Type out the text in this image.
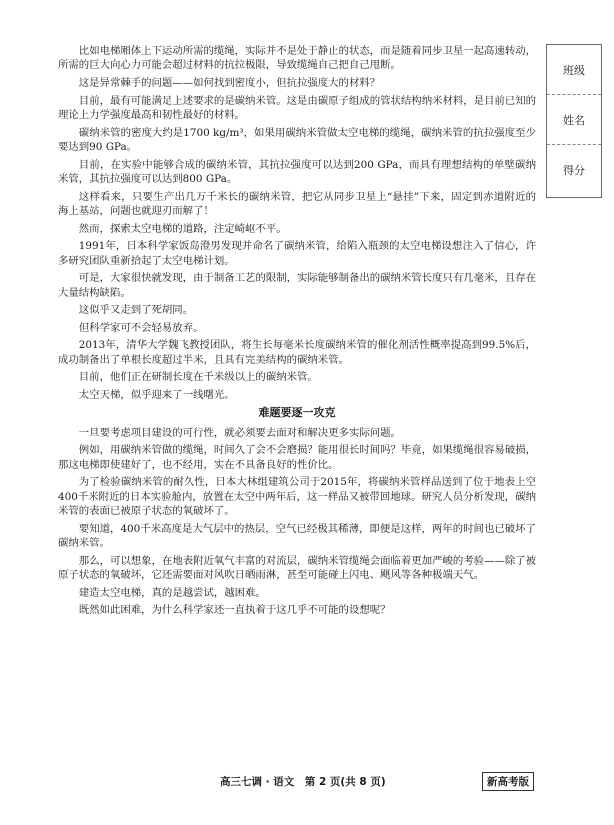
比如电梯厢体上下运动所需的缆绳，实际并不是处于静止的状态，而是随着同步卫星一起高速转动，所需的巨大向心力可能会超过材料的抗拉极限，导致缆绳自己把自己甩断。

这是异常棘手的问题——如何找到密度小，但抗拉强度大的材料？

目前，最有可能满足上述要求的是碳纳米管。这是由碳原子组成的管状结构纳米材料，是目前已知的理论上力学强度最高和韧性最好的材料。

碳纳米管的密度大约是1700 kg/m³，如果用碳纳米管做太空电梯的缆绳，碳纳米管的抗拉强度至少要达到90 GPa。

目前，在实验中能够合成的碳纳米管，其抗拉强度可以达到200 GPa，而具有理想结构的单壁碳纳米管，其抗拉强度可以达到800 GPa。

这样看来，只要生产出几万千米长的碳纳米管，把它从同步卫星上“悬挂”下来，固定到赤道附近的海上基站，问题也就迎刃而解了！

然而，探索太空电梯的道路，注定崎岖不平。

1991年，日本科学家饭岛澄男发现并命名了碳纳米管，给陷入瓶颈的太空电梯设想注入了信心，许多研究团队重新拾起了太空电梯计划。

可是，大家很快就发现，由于制备工艺的限制，实际能够制备出的碳纳米管长度只有几毫米，且存在大量结构缺陷。

这似乎又走到了死胡同。

但科学家可不会轻易放弃。

2013年，清华大学魏飞教授团队，将生长每毫米长度碳纳米管的催化剂活性概率提高到99.5%后，成功制备出了单根长度超过半米，且具有完美结构的碳纳米管。

目前，他们正在研制长度在千米级以上的碳纳米管。

太空天梯，似乎迎来了一线曙光。

难题要逐一攻克

一旦要考虑项目建设的可行性，就必须要去面对和解决更多实际问题。

例如，用碳纳米管做的缆绳，时间久了会不会磨损？能用很长时间吗？毕竟，如果缆绳很容易破损，那这电梯即使建好了，也不经用，实在不具备良好的性价比。

为了检验碳纳米管的耐久性，日本大林组建筑公司于2015年，将碳纳米管样品送到了位于地表上空400千米附近的日本实验舱内，放置在太空中两年后，这一样品又被带回地球。研究人员分析发现，碳纳米管的表面已被原子状态的氧破坏了。

要知道，400千米高度是大气层中的热层，空气已经极其稀薄，即便是这样，两年的时间也已破坏了碳纳米管。

那么，可以想象，在地表附近氧气丰富的对流层，碳纳米管缆绳会面临着更加严峻的考验——除了被原子状态的氧破坏，它还需要面对风吹日晒雨淋，甚至可能碰上闪电、飓风等各种极端天气。

建造太空电梯，真的是越尝试，越困难。

既然如此困难，为什么科学家还一直执着于这几乎不可能的设想呢？

班级
姓名
得分
高三七调 · 语文　第 2 页(共 8 页)	新高考版
